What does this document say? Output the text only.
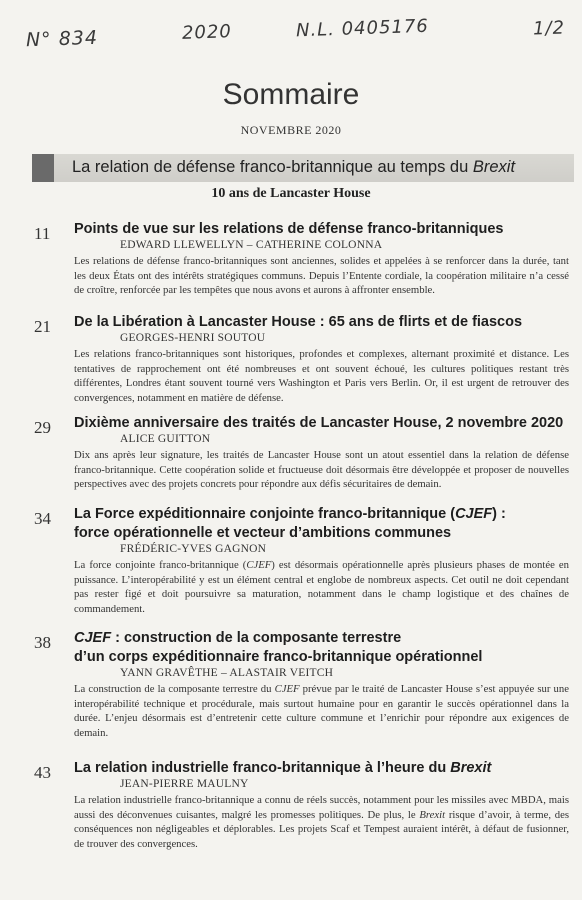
N° 834	2020	N.L. 0405176	1/2
Sommaire
NOVEMBRE 2020
La relation de défense franco-britannique au temps du Brexit
10 ans de Lancaster House
11 Points de vue sur les relations de défense franco-britanniques
EDWARD LLEWELLYN – CATHERINE COLONNA
Les relations de défense franco-britanniques sont anciennes, solides et appelées à se renforcer dans la durée, tant les deux États ont des intérêts stratégiques communs. Depuis l’Entente cordiale, la coopération militaire n’a cessé de croître, renforcée par les tempêtes que nous avons et aurons à affronter ensemble.
21 De la Libération à Lancaster House : 65 ans de flirts et de fiascos
GEORGES-HENRI SOUTOU
Les relations franco-britanniques sont historiques, profondes et complexes, alternant proximité et distance. Les tentatives de rapprochement ont été nombreuses et ont souvent échoué, les cultures politiques restant très différentes, Londres étant souvent tourné vers Washington et Paris vers Berlin. Or, il est urgent de retrouver des convergences, notamment en matière de défense.
29 Dixième anniversaire des traités de Lancaster House, 2 novembre 2020
ALICE GUITTON
Dix ans après leur signature, les traités de Lancaster House sont un atout essentiel dans la relation de défense franco-britannique. Cette coopération solide et fructueuse doit désormais être développée et proposer de nouvelles perspectives avec des projets concrets pour répondre aux défis sécuritaires de demain.
34 La Force expéditionnaire conjointe franco-britannique (CJEF) :
force opérationnelle et vecteur d’ambitions communes
FRÉDÉRIC-YVES GAGNON
La force conjointe franco-britannique (CJEF) est désormais opérationnelle après plusieurs phases de montée en puissance. L’interopérabilité y est un élément central et englobe de nombreux aspects. Cet outil ne doit cependant pas rester figé et doit poursuivre sa maturation, notamment dans le champ logistique et des chaînes de commandement.
38 CJEF : construction de la composante terrestre
d’un corps expéditionnaire franco-britannique opérationnel
YANN GRAVÊTHE – ALASTAIR VEITCH
La construction de la composante terrestre du CJEF prévue par le traité de Lancaster House s’est appuyée sur une interopérabilité technique et procédurale, mais surtout humaine pour en garantir le succès opérationnel dans la durée. L’enjeu désormais est d’entretenir cette culture commune et l’enrichir pour répondre aux exigences de demain.
43 La relation industrielle franco-britannique à l’heure du Brexit
JEAN-PIERRE MAULNY
La relation industrielle franco-britannique a connu de réels succès, notamment pour les missiles avec MBDA, mais aussi des déconvenues cuisantes, malgré les promesses politiques. De plus, le Brexit risque d’avoir, à terme, des conséquences non négligeables et déplorables. Les projets Scaf et Tempest auraient intérêt, à défaut de fusionner, de trouver des convergences.
